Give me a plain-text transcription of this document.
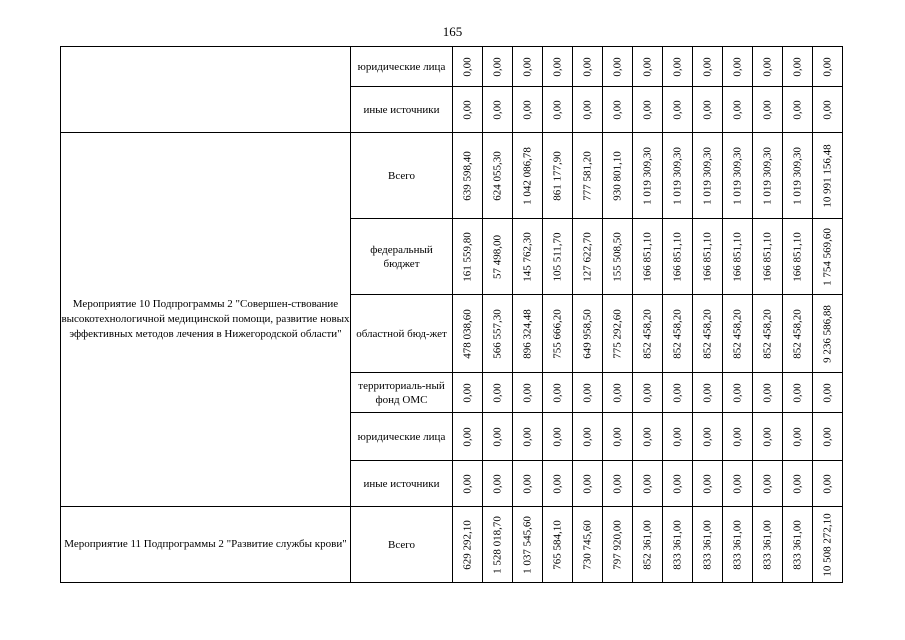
165
	юридические лица	0,00	0,00	0,00	0,00	0,00	0,00	0,00	0,00	0,00	0,00	0,00	0,00	0,00

	иные источники	0,00	0,00	0,00	0,00	0,00	0,00	0,00	0,00	0,00	0,00	0,00	0,00	0,00

Мероприятие 10 Подпрограммы 2 "Совершен-ствование высокотехнологичной медицинской помощи, развитие новых эффективных методов лечения в Нижегородской области"	Всего	639 598,40	624 055,30	1 042 086,78	861 177,90	777 581,20	930 801,10	1 019 309,30	1 019 309,30	1 019 309,30	1 019 309,30	1 019 309,30	1 019 309,30	10 991 156,48

	федеральный бюджет	161 559,80	57 498,00	145 762,30	105 511,70	127 622,70	155 508,50	166 851,10	166 851,10	166 851,10	166 851,10	166 851,10	166 851,10	1 754 569,60

	областной бюд-жет	478 038,60	566 557,30	896 324,48	755 666,20	649 958,50	775 292,60	852 458,20	852 458,20	852 458,20	852 458,20	852 458,20	852 458,20	9 236 586,88

	территориаль-ный фонд ОМС	0,00	0,00	0,00	0,00	0,00	0,00	0,00	0,00	0,00	0,00	0,00	0,00	0,00

	юридические лица	0,00	0,00	0,00	0,00	0,00	0,00	0,00	0,00	0,00	0,00	0,00	0,00	0,00

	иные источники	0,00	0,00	0,00	0,00	0,00	0,00	0,00	0,00	0,00	0,00	0,00	0,00	0,00

Мероприятие 11 Подпрограммы 2 "Развитие службы крови"	Всего	629 292,10	1 528 018,70	1 037 545,60	765 584,10	730 745,60	797 920,00	852 361,00	833 361,00	833 361,00	833 361,00	833 361,00	833 361,00	10 508 272,10
